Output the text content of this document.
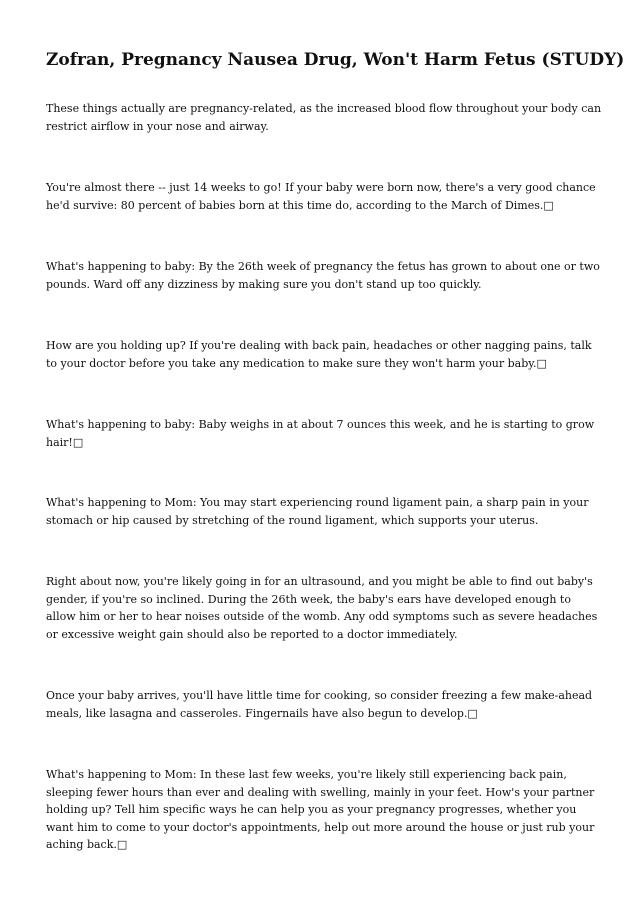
Zofran, Pregnancy Nausea Drug, Won't Harm Fetus (STUDY)

These things actually are pregnancy-related, as the increased blood flow throughout your body can restrict airflow in your nose and airway.

You're almost there -- just 14 weeks to go! If your baby were born now, there's a very good chance he'd survive: 80 percent of babies born at this time do, according to the March of Dimes.□

What's happening to baby: By the 26th week of pregnancy the fetus has grown to about one or two pounds. Ward off any dizziness by making sure you don't stand up too quickly.

How are you holding up? If you're dealing with back pain, headaches or other nagging pains, talk to your doctor before you take any medication to make sure they won't harm your baby.□

What's happening to baby: Baby weighs in at about 7 ounces this week, and he is starting to grow hair!□

What's happening to Mom: You may start experiencing round ligament pain, a sharp pain in your stomach or hip caused by stretching of the round ligament, which supports your uterus.

Right about now, you're likely going in for an ultrasound, and you might be able to find out baby's gender, if you're so inclined. During the 26th week, the baby's ears have developed enough to allow him or her to hear noises outside of the womb. Any odd symptoms such as severe headaches or excessive weight gain should also be reported to a doctor immediately.

Once your baby arrives, you'll have little time for cooking, so consider freezing a few make-ahead meals, like lasagna and casseroles. Fingernails have also begun to develop.□

What's happening to Mom: In these last few weeks, you're likely still experiencing back pain, sleeping fewer hours than ever and dealing with swelling, mainly in your feet. How's your partner holding up? Tell him specific ways he can help you as your pregnancy progresses, whether you want him to come to your doctor's appointments, help out more around the house or just rub your aching back.□
